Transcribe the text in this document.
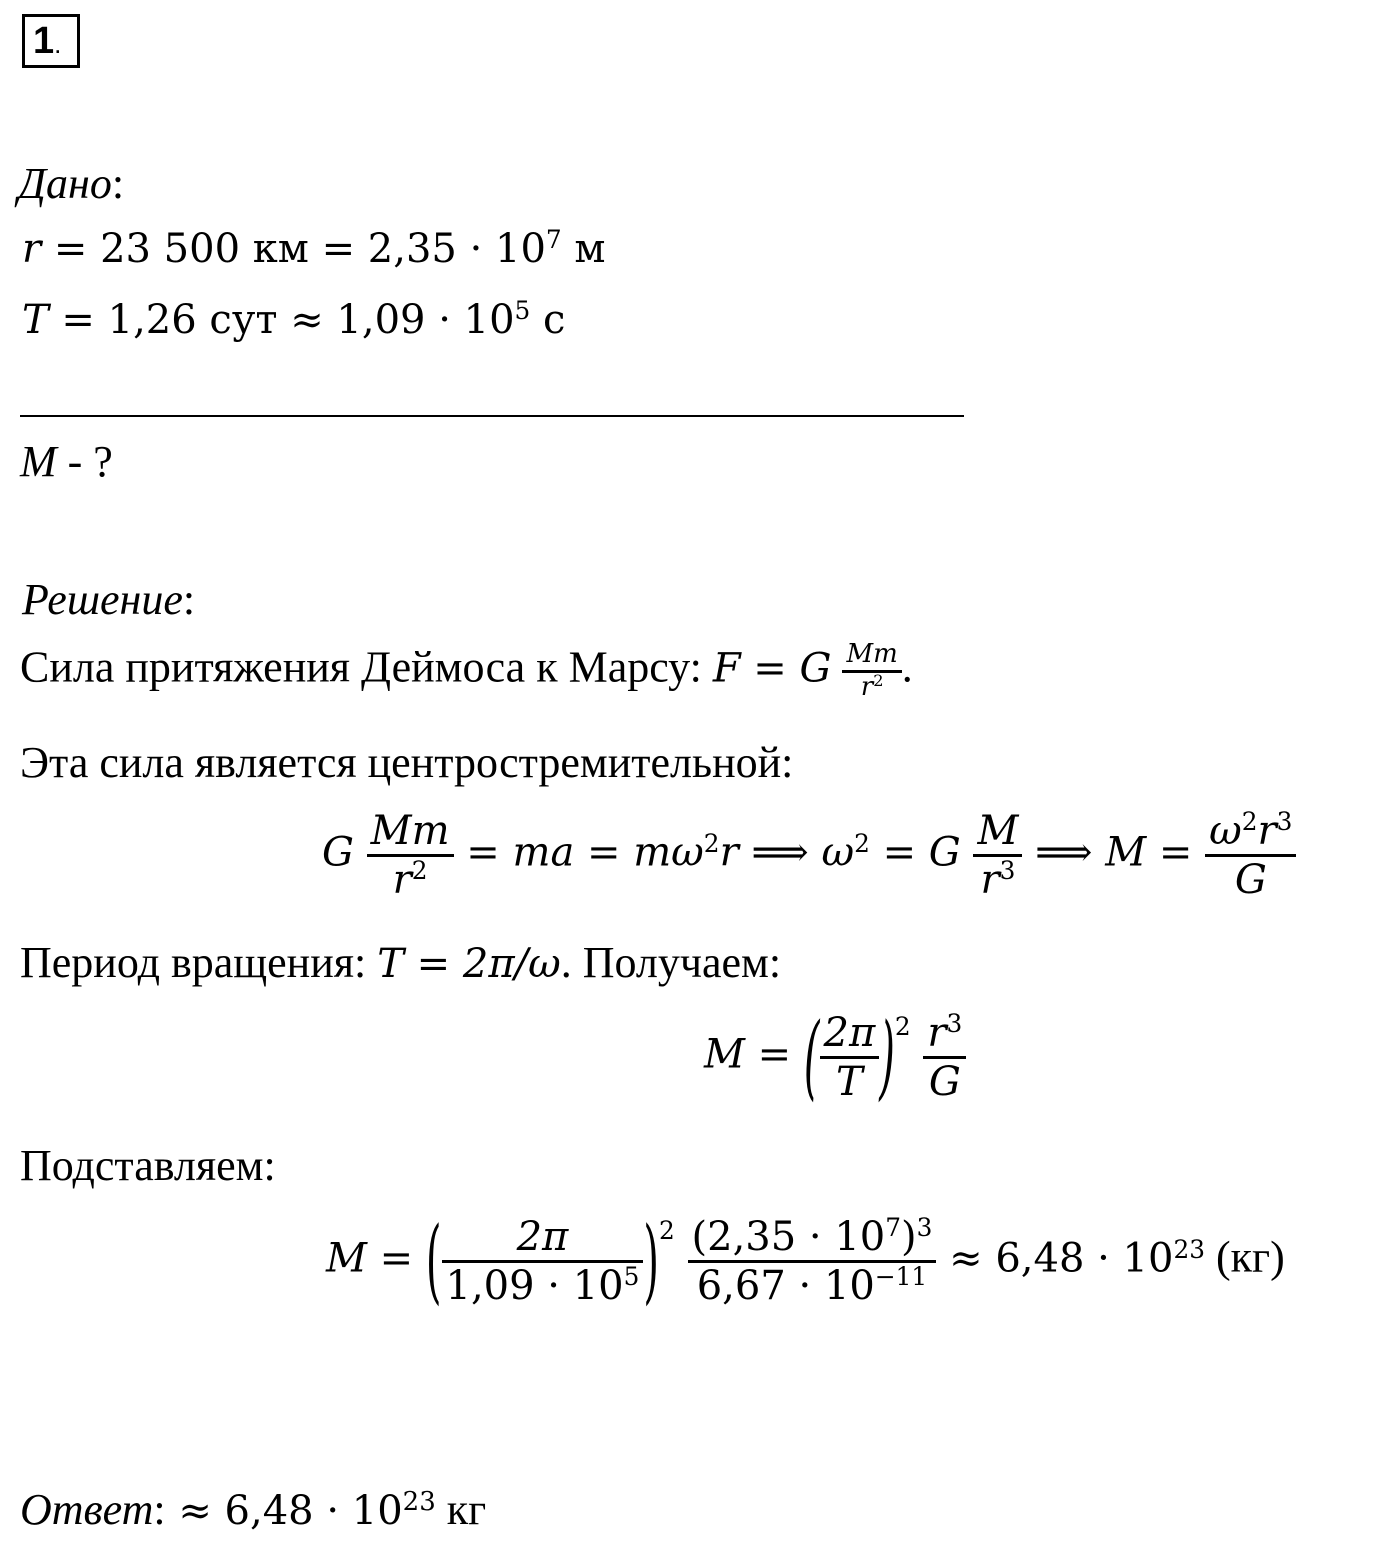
1.
Дано:
r = 23 500 км = $2,35 \cdot 10^7$ м
T = 1,26 сут ≈ $1,09 \cdot 10^5$ с
M - ?
Решение:
Сила притяжения Деймоса к Марсу: F = G $\frac{Mm}{r^2}$ .
Эта сила является центростремительной:
G $\frac{Mm}{r^2}$ = ma = $m\omega^2r$ ⟹ $\omega^2 = G \frac{M}{r^3}$ ⟹ $M = \frac{\omega^2r^3}{G}$
Период вращения: T = 2π/ω. Получаем:
M = ( $\frac{2\pi}{T} )^2 \frac{r^3}{G}$
Подставляем:
M = ( $\frac{2\pi}{1,09 \cdot 10^5} )^2 \frac{(2,35 \cdot 10^7)^3}{6,67 \cdot 10^{-11}} \approx 6,48 \cdot 10^{23}$ (кг)
Ответ: ≈ $6,48 \cdot 10^{23}$ кг
